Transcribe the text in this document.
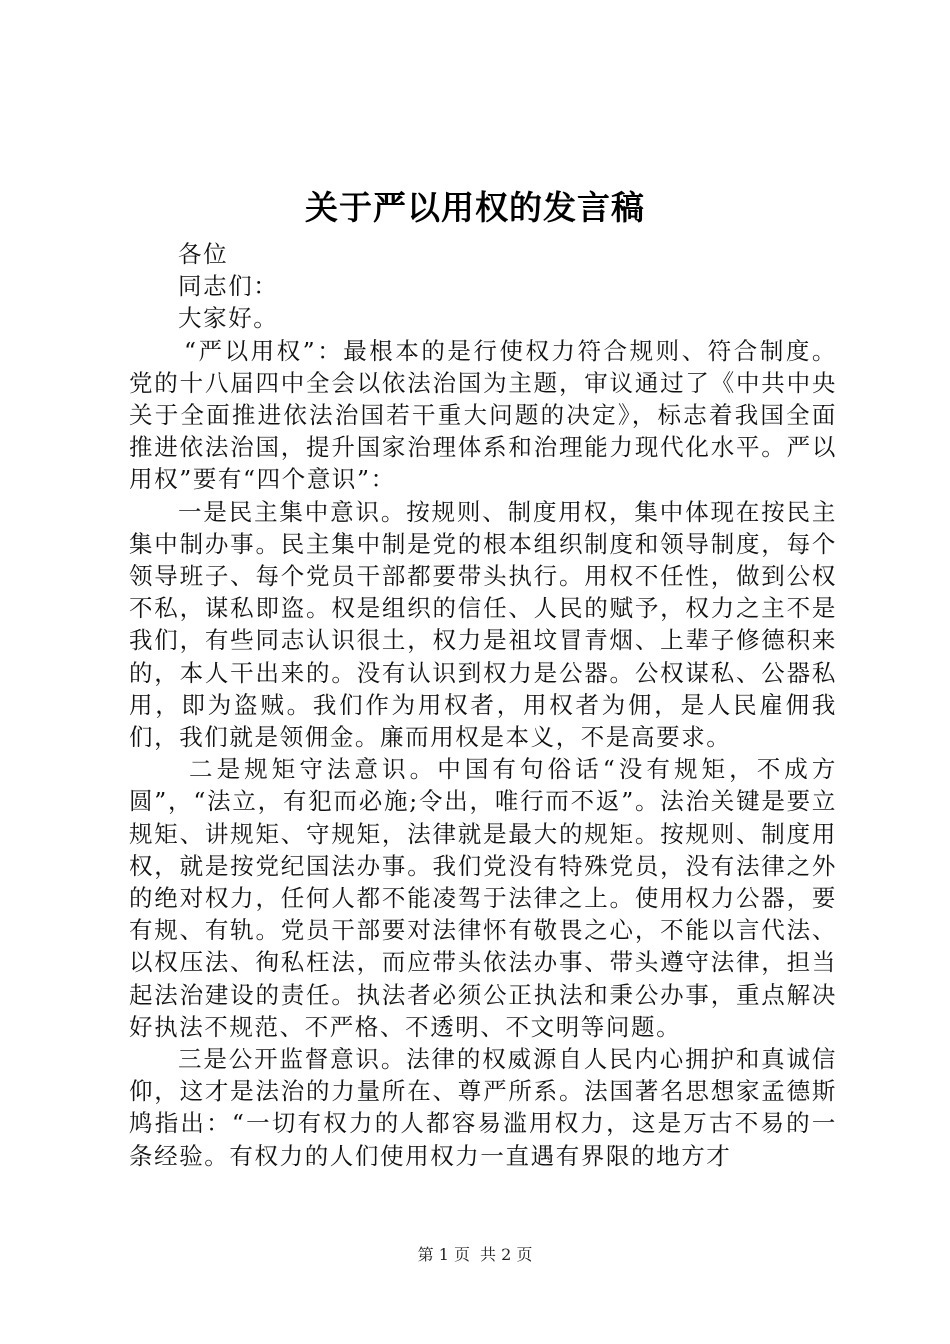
关于严以用权的发言稿

各位

同志们：

大家好。

“严以用权”：最根本的是行使权力符合规则、符合制度。党的十八届四中全会以依法治国为主题，审议通过了《中共中央关于全面推进依法治国若干重大问题的决定》，标志着我国全面推进依法治国，提升国家治理体系和治理能力现代化水平。严以用权”要有“四个意识”：

一是民主集中意识。按规则、制度用权，集中体现在按民主集中制办事。民主集中制是党的根本组织制度和领导制度，每个领导班子、每个党员干部都要带头执行。用权不任性，做到公权不私，谋私即盗。权是组织的信任、人民的赋予，权力之主不是我们，有些同志认识很土，权力是祖坟冒青烟、上辈子修德积来的，本人干出来的。没有认识到权力是公器。公权谋私、公器私用，即为盗贼。我们作为用权者，用权者为佣，是人民雇佣我们，我们就是领佣金。廉而用权是本义，不是高要求。

二是规矩守法意识。中国有句俗话“没有规矩，不成方圆”，“法立，有犯而必施;令出，唯行而不返”。法治关键是要立规矩、讲规矩、守规矩，法律就是最大的规矩。按规则、制度用权，就是按党纪国法办事。我们党没有特殊党员，没有法律之外的绝对权力，任何人都不能凌驾于法律之上。使用权力公器，要有规、有轨。党员干部要对法律怀有敬畏之心，不能以言代法、以权压法、徇私枉法，而应带头依法办事、带头遵守法律，担当起法治建设的责任。执法者必须公正执法和秉公办事，重点解决好执法不规范、不严格、不透明、不文明等问题。

三是公开监督意识。法律的权威源自人民内心拥护和真诚信仰，这才是法治的力量所在、尊严所系。法国著名思想家孟德斯鸠指出：“一切有权力的人都容易滥用权力，这是万古不易的一条经验。有权力的人们使用权力一直遇有界限的地方才

第 1 页 共 2 页
